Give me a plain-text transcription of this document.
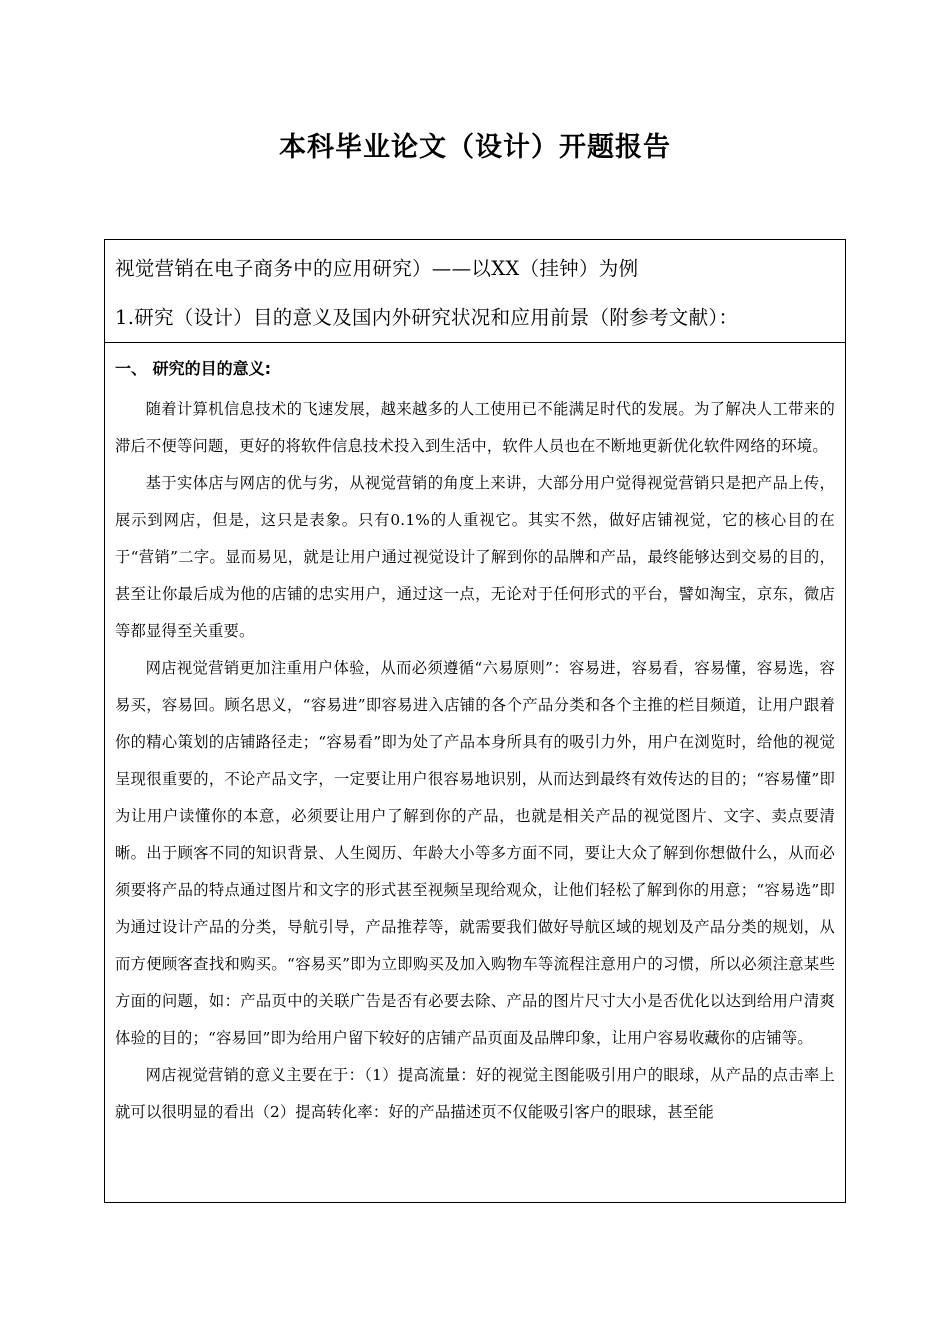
本科毕业论文（设计）开题报告
视觉营销在电子商务中的应用研究）——以XX（挂钟）为例
1.研究（设计）目的意义及国内外研究状况和应用前景（附参考文献）：
一、 研究的目的意义:

随着计算机信息技术的飞速发展，越来越多的人工使用已不能满足时代的发展。为了解决人工带来的滞后不便等问题，更好的将软件信息技术投入到生活中，软件人员也在不断地更新优化软件网络的环境。

基于实体店与网店的优与劣，从视觉营销的角度上来讲，大部分用户觉得视觉营销只是把产品上传，展示到网店，但是，这只是表象。只有0.1%的人重视它。其实不然，做好店铺视觉，它的核心目的在于“营销”二字。显而易见，就是让用户通过视觉设计了解到你的品牌和产品，最终能够达到交易的目的，甚至让你最后成为他的店铺的忠实用户，通过这一点，无论对于任何形式的平台，譬如淘宝，京东，微店等都显得至关重要。

网店视觉营销更加注重用户体验，从而必须遵循“六易原则”：容易进，容易看，容易懂，容易选，容易买，容易回。顾名思义，“容易进”即容易进入店铺的各个产品分类和各个主推的栏目频道，让用户跟着你的精心策划的店铺路径走；“容易看”即为处了产品本身所具有的吸引力外，用户在浏览时，给他的视觉呈现很重要的，不论产品文字，一定要让用户很容易地识别，从而达到最终有效传达的目的；“容易懂”即为让用户读懂你的本意，必须要让用户了解到你的产品，也就是相关产品的视觉图片、文字、卖点要清晰。出于顾客不同的知识背景、人生阅历、年龄大小等多方面不同，要让大众了解到你想做什么，从而必须要将产品的特点通过图片和文字的形式甚至视频呈现给观众，让他们轻松了解到你的用意；“容易选”即为通过设计产品的分类，导航引导，产品推荐等，就需要我们做好导航区域的规划及产品分类的规划，从而方便顾客查找和购买。“容易买”即为立即购买及加入购物车等流程注意用户的习惯，所以必须注意某些方面的问题，如：产品页中的关联广告是否有必要去除、产品的图片尺寸大小是否优化以达到给用户清爽体验的目的；“容易回”即为给用户留下较好的店铺产品页面及品牌印象，让用户容易收藏你的店铺等。

网店视觉营销的意义主要在于：（1）提高流量：好的视觉主图能吸引用户的眼球，从产品的点击率上就可以很明显的看出（2）提高转化率：好的产品描述页不仅能吸引客户的眼球，甚至能
